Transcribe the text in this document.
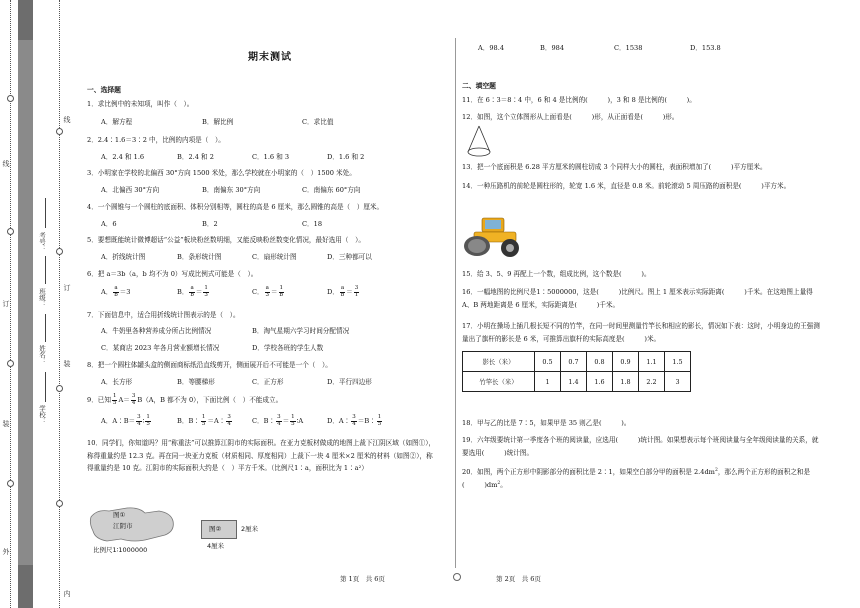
线
订
装
外
线
订
装
内
学校：
姓名：
班级：
考号：
期末测试
一、选择题
1．求比例中的未知项，叫作（　）。
A．解方程	B．解比例	C．求比值
2．2.4∶1.6＝3∶2 中，比例的内项是（　）。
A．2.4 和 1.6	B．2.4 和 2	C．1.6 和 3	D．1.6 和 2
3．小明家在学校的北偏西 30°方向 1500 米处，那么学校就在小明家的（　）1500 米处。
A．北偏西 30°方向	B．南偏东 30°方向	C．南偏东 60°方向
4．一个圆锥与一个圆柱的底面积、体积分别相等，圆柱的高是 6 厘米，那么圆锥的高是（　）厘米。
A．6	B．2	C．18
5．要想既能统计微博超话“公益”板块粉丝数明细，又能反映粉丝数变化情况，最好选用（　）。
A．折线统计图	B．条形统计图	C．扇形统计图	D．三种都可以
6．把 a＝3b（a，b 均不为 0）写成比例式可能是（　）。
A． $\frac{a}{b} =3$	B． $\frac{a}{b} = \frac{1}{3}$	C． $\frac{a}{3} = \frac{1}{b}$	D． $\frac{a}{b} = \frac{3}{1}$
7．下面信息中，适合用折线统计图表示的是（　）。
A．牛奶里各种营养成分所占比例情况	B．淘气星期六学习时间分配情况
C．某商店 2023 年各月营业额增长情况	D．学校各班的学生人数
8．把一个圆柱体罐头盒的侧面商标纸沿直线剪开，侧面展开后不可能是一个（　）。
A．长方形	B．等腰梯形	C．正方形	D．平行四边形
9．已知 $\frac{1}{5} A= \frac{3}{4} B(A$，B 都不为 0），下面比例（　）不能成立。
A．A∶B＝ $\frac{3}{4}$ ∶ $\frac{1}{5}$	B．B∶ $\frac{1}{5}$ ＝A∶ $\frac{3}{4}$	C．B∶ $\frac{3}{4} = \frac{1}{5}$ ∶A	D．A∶ $\frac{3}{4}$ ＝B∶ $\frac{1}{5}$
10．同学们，你知道吗？用“称重法”可以推算江阴市的实际面积。在亚力克板材做成的地图上裁下江阴区域（如图①），称得重量约是 12.3 克。再在同一块亚力克板（材质相同、厚度相同）上裁下一块 4 厘米×2 厘米的材料（如图②），称得重量约是 10 克。江阴市的实际面积大约是（　）平方千米。（比例尺1∶a，面积比为 1∶a²）
图①
江阴市
比例尺1∶1000000
图②	2厘米
4厘米
A．98.4	B．984	C．1538	D．153.8
二、填空题
11．在 6∶3＝8∶4 中，6 和 4 是比例的(　　　)，3 和 8 是比例的(　　　)。
12．如图，这个立体图形从上面看是(　　　)形，从正面看是(　　　)形。
13．把一个底面积是 6.28 平方厘米的圆柱切成 3 个同样大小的圆柱，表面积增加了(　　　)平方厘米。
14．一种压路机的前轮是圆柱形的，轮宽 1.6 米，直径是 0.8 米。前轮滚动 5 周压路的面积是(　　　)平方米。
15．给 3、5、9 再配上一个数，组成比例，这个数是(　　　)。
16．一幅地图的比例尺是1∶5000000，这是(　　　)比例尺。图上 1 厘米表示实际距离(　　　)千米。在这地图上量得 A、B 两地距离是 6 厘米，实际距离是(　　　)千米。
17．小明在操场上插几根长短不同的竹竿，在同一时间里测量竹竿长和相应的影长，情况如下表：这时，小明身边的王强测量出了旗杆的影长是 6 米，可推算出旗杆的实际高度是(　　　)米。
影长（米）	0.5	0.7	0.8	0.9	1.1	1.5
竹竿长（米）	1	1.4	1.6	1.8	2.2	3
18．甲与乙的比是 7∶5，如果甲是 35 则乙是(　　　)。
19．六年级要统计第一季度各个班的阅读量，应选用(　　　)统计图。如果想表示每个班阅读量与全年级阅读量的关系，就要选用(　　　)统计图。
20．如图，两个正方形中阴影部分的面积比是 2∶1，如果空白部分甲的面积是 $2.4dm^2$，那么两个正方形的面积之和是(　　　)$dm^2$。
第 1页　共 6页	第 2页　共 6页
